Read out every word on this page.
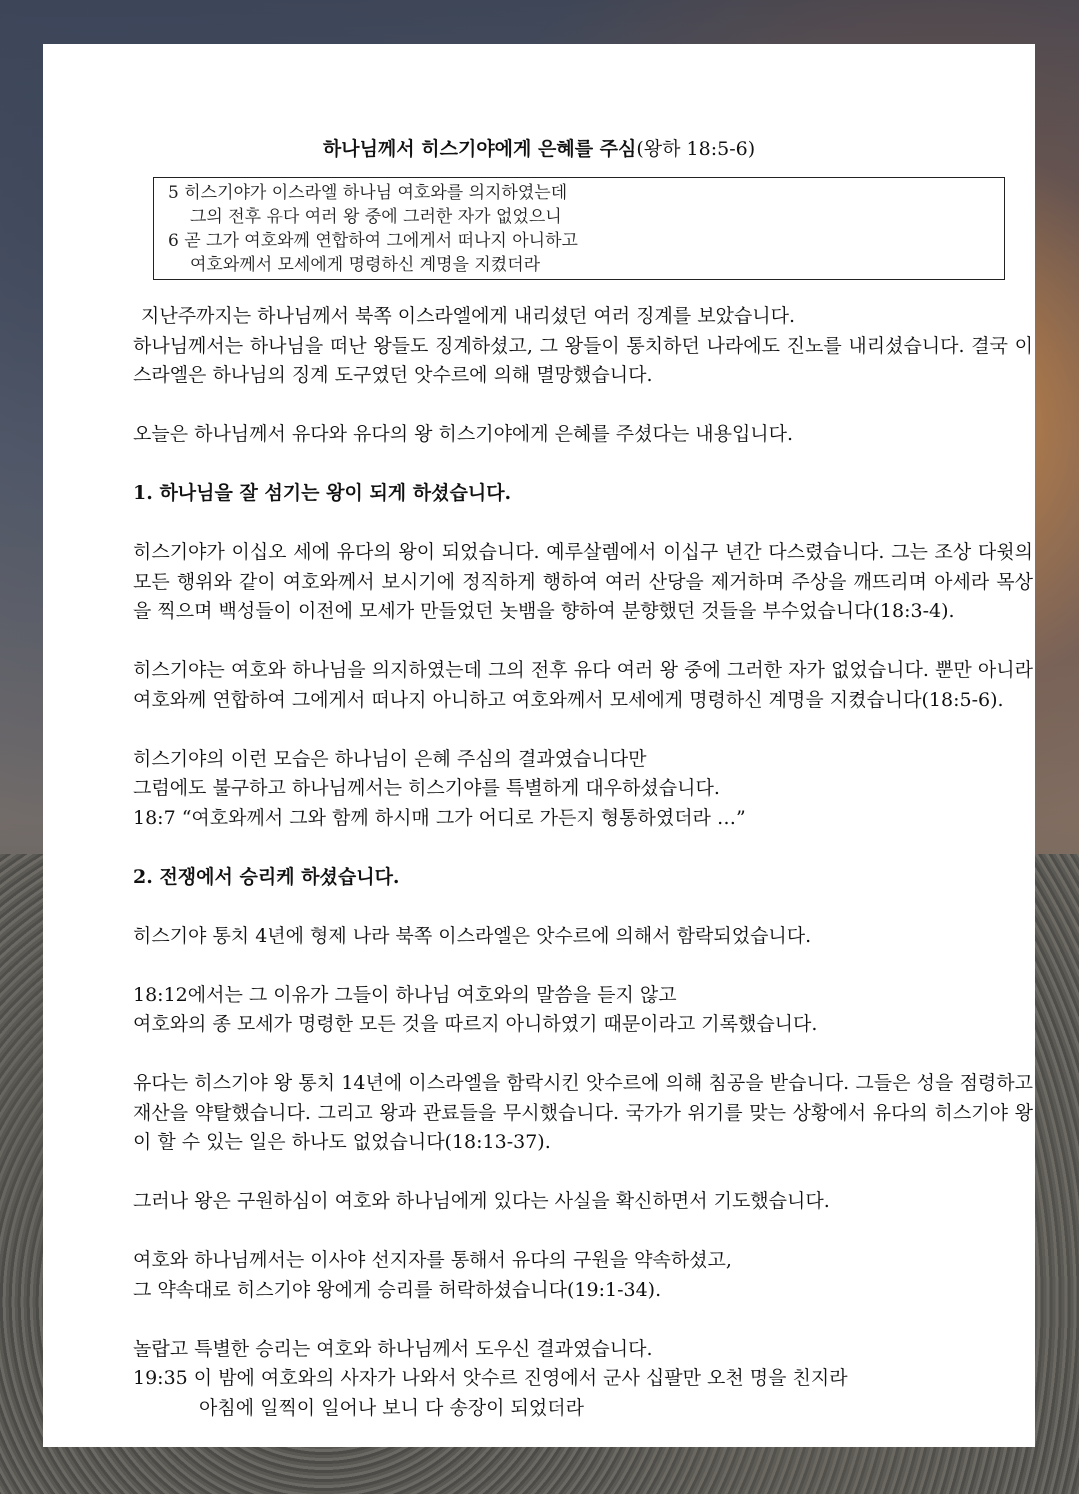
하나님께서 히스기야에게 은혜를 주심(왕하 18:5-6)
5 히스기야가 이스라엘 하나님 여호와를 의지하였는데
그의 전후 유다 여러 왕 중에 그러한 자가 없었으니
6 곧 그가 여호와께 연합하여 그에게서 떠나지 아니하고
여호와께서 모세에게 명령하신 계명을 지켰더라

지난주까지는 하나님께서 북쪽 이스라엘에게 내리셨던 여러 징계를 보았습니다.

하나님께서는 하나님을 떠난 왕들도 징계하셨고, 그 왕들이 통치하던 나라에도 진노를 내리셨습니다. 결국 이스라엘은 하나님의 징계 도구였던 앗수르에 의해 멸망했습니다.

오늘은 하나님께서 유다와 유다의 왕 히스기야에게 은혜를 주셨다는 내용입니다.

1. 하나님을 잘 섬기는 왕이 되게 하셨습니다.

히스기야가 이십오 세에 유다의 왕이 되었습니다. 예루살렘에서 이십구 년간 다스렸습니다. 그는 조상 다윗의 모든 행위와 같이 여호와께서 보시기에 정직하게 행하여 여러 산당을 제거하며 주상을 깨뜨리며 아세라 목상을 찍으며 백성들이 이전에 모세가 만들었던 놋뱀을 향하여 분향했던 것들을 부수었습니다(18:3-4).

히스기야는 여호와 하나님을 의지하였는데 그의 전후 유다 여러 왕 중에 그러한 자가 없었습니다. 뿐만 아니라 여호와께 연합하여 그에게서 떠나지 아니하고 여호와께서 모세에게 명령하신 계명을 지켰습니다(18:5-6).

히스기야의 이런 모습은 하나님이 은혜 주심의 결과였습니다만

그럼에도 불구하고 하나님께서는 히스기야를 특별하게 대우하셨습니다.

18:7 “여호와께서 그와 함께 하시매 그가 어디로 가든지 형통하였더라 …”

2. 전쟁에서 승리케 하셨습니다.

히스기야 통치 4년에 형제 나라 북쪽 이스라엘은 앗수르에 의해서 함락되었습니다.

18:12에서는 그 이유가 그들이 하나님 여호와의 말씀을 듣지 않고

여호와의 종 모세가 명령한 모든 것을 따르지 아니하였기 때문이라고 기록했습니다.

유다는 히스기야 왕 통치 14년에 이스라엘을 함락시킨 앗수르에 의해 침공을 받습니다. 그들은 성을 점령하고 재산을 약탈했습니다. 그리고 왕과 관료들을 무시했습니다. 국가가 위기를 맞는 상황에서 유다의 히스기야 왕이 할 수 있는 일은 하나도 없었습니다(18:13-37).

그러나 왕은 구원하심이 여호와 하나님에게 있다는 사실을 확신하면서 기도했습니다.

여호와 하나님께서는 이사야 선지자를 통해서 유다의 구원을 약속하셨고,

그 약속대로 히스기야 왕에게 승리를 허락하셨습니다(19:1-34).

놀랍고 특별한 승리는 여호와 하나님께서 도우신 결과였습니다.

19:35 이 밤에 여호와의 사자가 나와서 앗수르 진영에서 군사 십팔만 오천 명을 친지라

아침에 일찍이 일어나 보니 다 송장이 되었더라
